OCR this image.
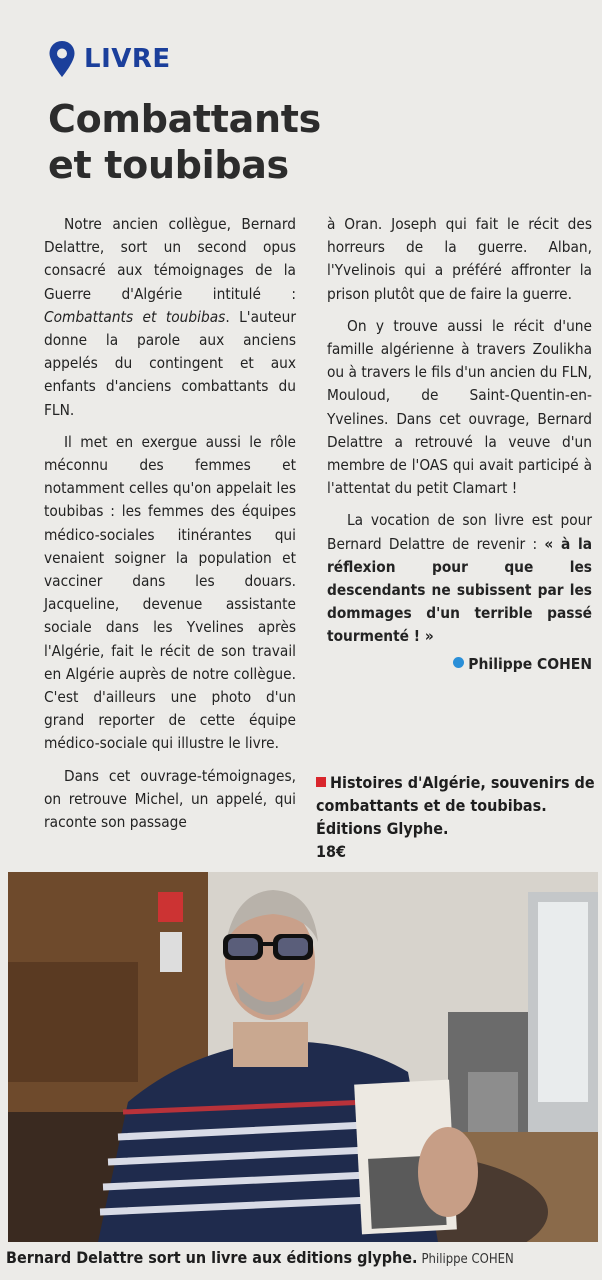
LIVRE
Combattants
et toubibas

Notre ancien collègue, Bernard Delattre, sort un second opus consacré aux témoignages de la Guerre d'Algérie intitulé : Combattants et toubibas. L'auteur donne la parole aux anciens appelés du contingent et aux enfants d'anciens combattants du FLN.

Il met en exergue aussi le rôle méconnu des femmes et notamment celles qu'on appelait les toubibas : les femmes des équipes médico-sociales itinérantes qui venaient soigner la population et vacciner dans les douars. Jacqueline, devenue assistante sociale dans les Yvelines après l'Algérie, fait le récit de son travail en Algérie auprès de notre collègue. C'est d'ailleurs une photo d'un grand reporter de cette équipe médico-sociale qui illustre le livre.

Dans cet ouvrage-témoignages, on retrouve Michel, un appelé, qui raconte son passage

à Oran. Joseph qui fait le récit des horreurs de la guerre. Alban, l'Yvelinois qui a préféré affronter la prison plutôt que de faire la guerre.

On y trouve aussi le récit d'une famille algérienne à travers Zoulikha ou à travers le fils d'un ancien du FLN, Mouloud, de Saint-Quentin-en-Yvelines. Dans cet ouvrage, Bernard Delattre a retrouvé la veuve d'un membre de l'OAS qui avait participé à l'attentat du petit Clamart !

La vocation de son livre est pour Bernard Delattre de revenir : « à la réflexion pour que les descendants ne subissent par les dommages d'un terrible passé tourmenté ! »

Philippe COHEN
Histoires d'Algérie, souvenirs de combattants et de toubibas. Éditions Glyphe.
18€
Bernard Delattre sort un livre aux éditions glyphe. Philippe COHEN
